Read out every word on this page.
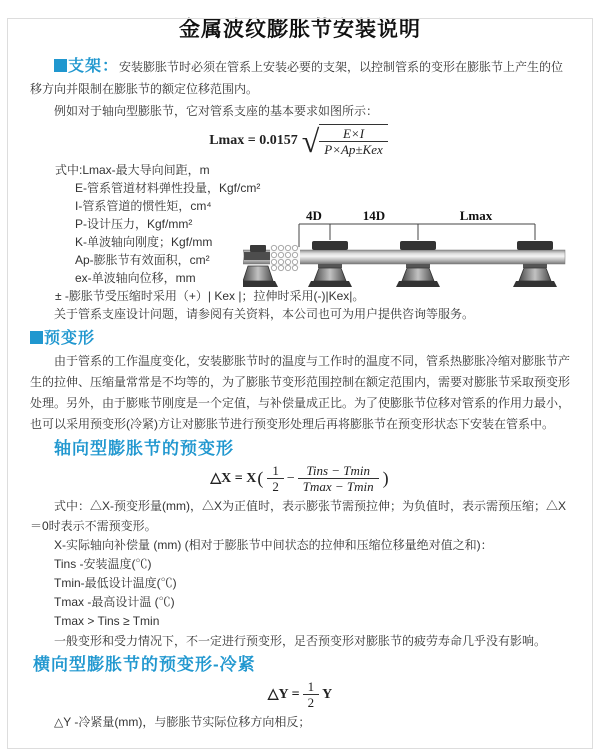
金属波纹膨胀节安装说明

支架：安装膨胀节时必须在管系上安装必要的支架，以控制管系的变形在膨胀节上产生的位移方向并限制在膨胀节的额定位移范围内。

例如对于轴向型膨胀节，它对管系支座的基本要求如图所示：

Lmax = 0.0157 √ $\frac{E\times I}{\text{P×Ap±Kex}}$
式中:Lmax-最大导向间距，m
E-管系管道材料弹性投量，Kgf/cm²
I-管系管道的惯性矩，cm⁴
P-设计压力，Kgf/mm²
K-单波轴向刚度；Kgf/mm
Ap-膨胀节有效面积，cm²
ex-单波轴向位移，mm
± -膨胀节受压缩时采用（+）| Kex |；拉伸时采用(-)|Kex|。

关于管系支座设计问题，请参阅有关资料，本公司也可为用户提供咨询等服务。

4D	14D	Lmax
预变形

由于管系的工作温度变化，安装膨胀节时的温度与工作时的温度不同，管系热膨胀冷缩对膨胀节产生的拉伸、压缩量常常是不均等的，为了膨胀节变形范围控制在额定范围内，需要对膨胀节采取预变形处理。另外，由于膨账节刚度是一个定值，与补偿量成正比。为了使膨胀节位移对管系的作用力最小，也可以采用预变形(冷紧)方让对膨胀节进行预变形处理后再将膨胀节在预变形状态下安装在管系中。

轴向型膨胀节的预变形
△X = X ( $\frac{1}{2} - \frac{\text{Tins − Tmin}}{Tmax - Tmin}$ )

式中：△X-预变形量(mm)，△X为正值时，表示膨张节需预拉伸；为负值时，表示需预压缩；△X＝0时表示不需预变形。

X-实际轴向补偿量 (mm) (相对于膨胀节中间状态的拉伸和压缩位移量绝对值之和)：
Tins -安装温度(℃)
Tmin-最低设计温度(℃)
Tmax -最高设计温 (℃)
Tmax > Tins ≥ Tmin

一般变形和受力情况下，不一定进行预变形，足否预变形对膨胀节的疲劳寿命几乎没有影响。

横向型膨胀节的预变形-冷紧
△Y = $\frac{1}{2}$ Y

△Y -冷紧量(mm)，与膨胀节实际位移方向相反；
